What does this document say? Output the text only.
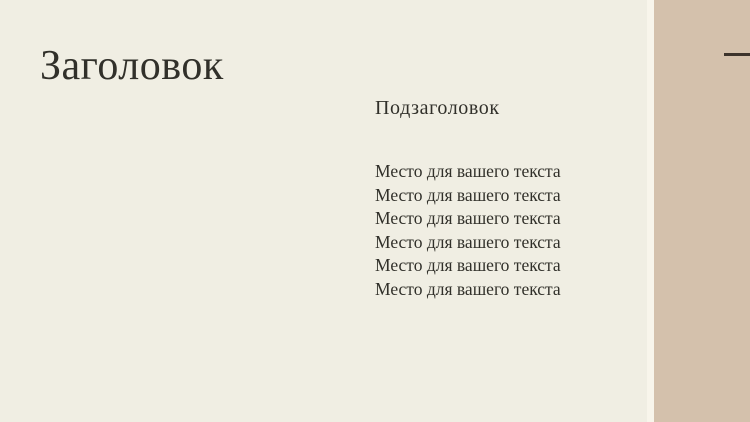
Заголовок
Подзаголовок

Место для вашего текста

Место для вашего текста

Место для вашего текста

Место для вашего текста

Место для вашего текста

Место для вашего текста
